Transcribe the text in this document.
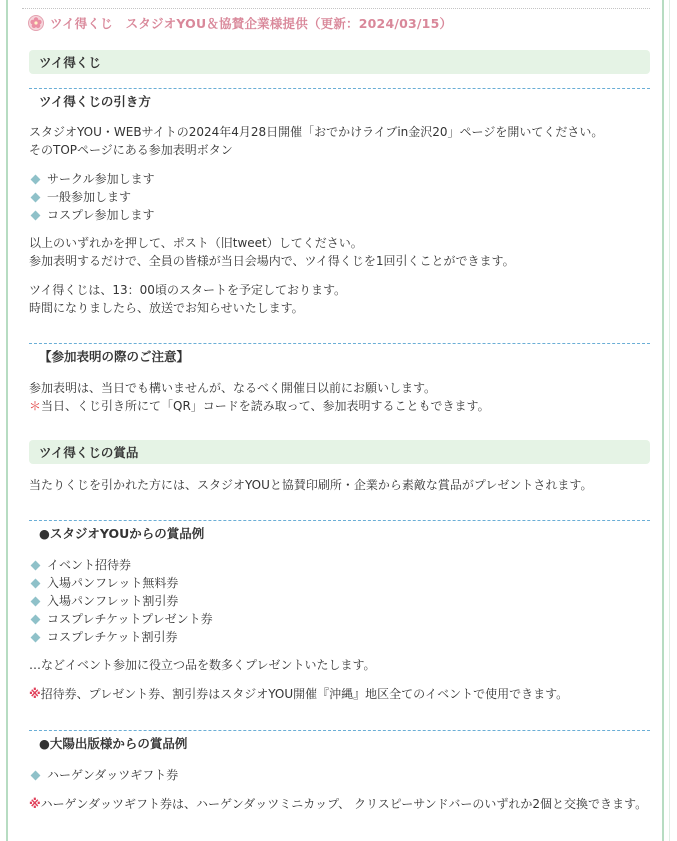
ツイ得くじ　スタジオYOU＆協賛企業様提供（更新：2024/03/15）
ツイ得くじ
ツイ得くじの引き方
スタジオYOU・WEBサイトの2024年4月28日開催「おでかけライブin金沢20」ページを開いてください。
そのTOPページにある参加表明ボタン
サークル参加します
一般参加します
コスプレ参加します
以上のいずれかを押して、ポスト（旧tweet）してください。
参加表明するだけで、全員の皆様が当日会場内で、ツイ得くじを1回引くことができます。
ツイ得くじは、13：00頃のスタートを予定しております。
時間になりましたら、放送でお知らせいたします。
【参加表明の際のご注意】
参加表明は、当日でも構いませんが、なるべく開催日以前にお願いします。
＊当日、くじ引き所にて「QR」コードを読み取って、参加表明することもできます。
ツイ得くじの賞品
当たりくじを引かれた方には、スタジオYOUと協賛印刷所・企業から素敵な賞品がプレゼントされます。
●スタジオYOUからの賞品例
イベント招待券
入場パンフレット無料券
入場パンフレット割引券
コスプレチケットプレゼント券
コスプレチケット割引券
…などイベント参加に役立つ品を数多くプレゼントいたします。
※招待券、プレゼント券、割引券はスタジオYOU開催『沖縄』地区全てのイベントで使用できます。
●大陽出版様からの賞品例
ハーゲンダッツギフト券
※ハーゲンダッツギフト券は、ハーゲンダッツミニカップ、 クリスピーサンドバーのいずれか2個と交換できます。
